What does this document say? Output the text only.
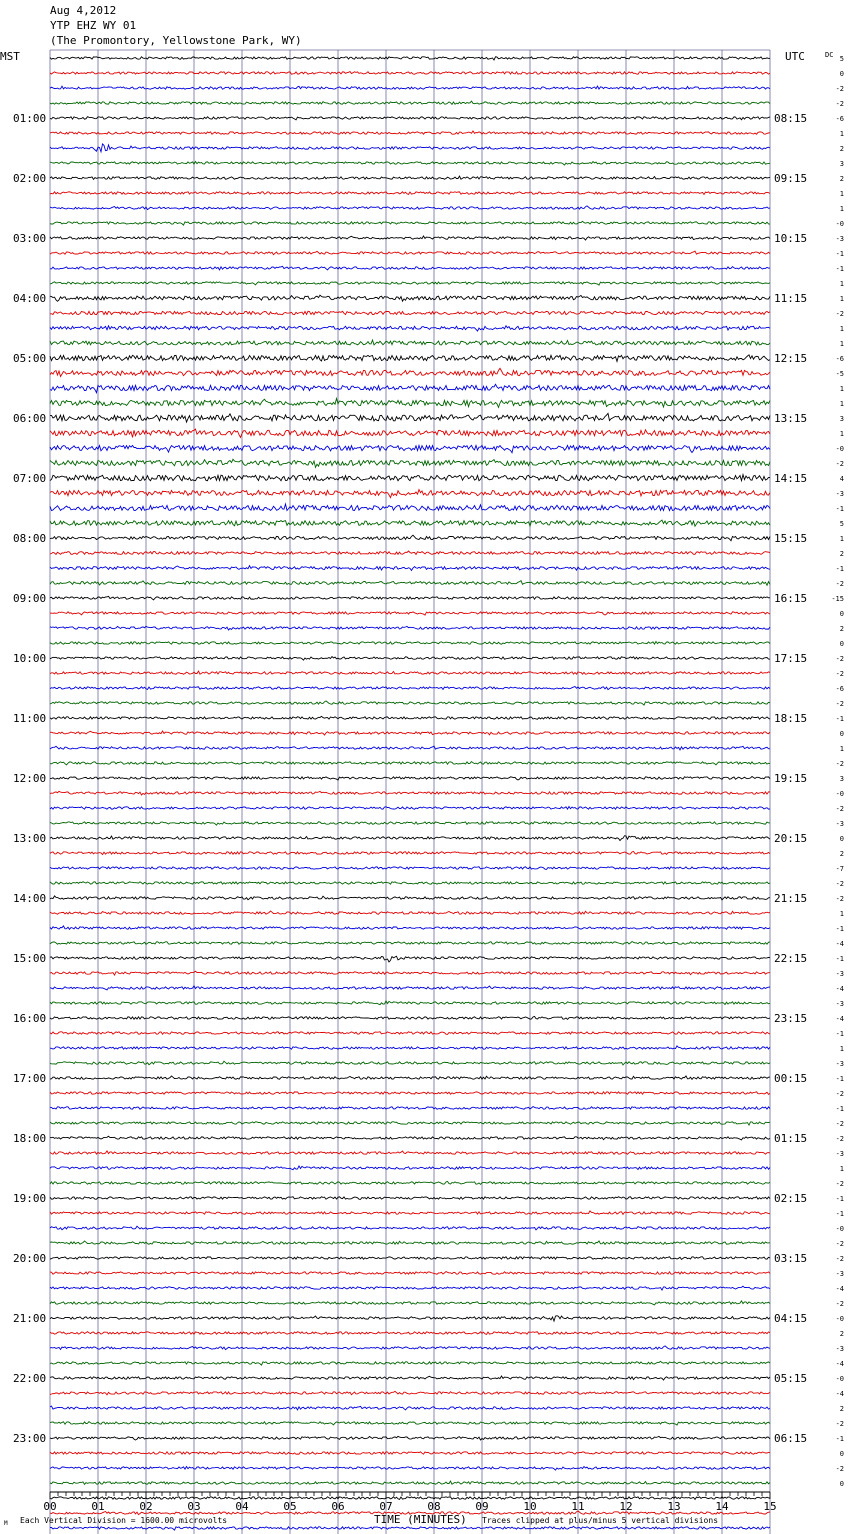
Aug 4,2012
YTP EHZ WY 01
(The Promontory, Yellowstone Park, WY)
MST	UTC	DC
01:00
02:00
03:00
04:00
05:00
06:00
07:00
08:00
09:00
10:00
11:00
12:00
13:00
14:00
15:00
16:00
17:00
18:00
19:00
20:00
21:00
22:00
23:00
08:15
09:15
10:15
11:15
12:15
13:15
14:15
15:15
16:15
17:15
18:15
19:15
20:15
21:15
22:15
23:15
00:15
01:15
02:15
03:15
04:15
05:15
06:15
5
0
-2
-2
-6
1
2
3
2
1
1
-0
-3
-1
-1
1
1
-2
1
1
-6
-5
1
1
3
1
-0
-2
4
-3
-1
5
1
2
-1
-2
-15
0
2
0
-2
-2
-6
-2
-1
0
1
-2
3
-0
-2
-3
0
2
-7
-2
-2
1
-1
-4
-1
-3
-4
-3
-4
-1
1
-3
-1
-2
-1
-2
-2
-3
1
-2
-1
-1
-0
-2
-2
-3
-4
-2
-0
2
-3
-4
-0
-4
2
-2
-1
0
-2
0
00	01	02	03	04	05	06	07	08	09	10	11	12	13	14	15
M Each Vertical Division = 1600.00 microvolts	TIME (MINUTES) Traces clipped at plus/minus 5 vertical divisions
